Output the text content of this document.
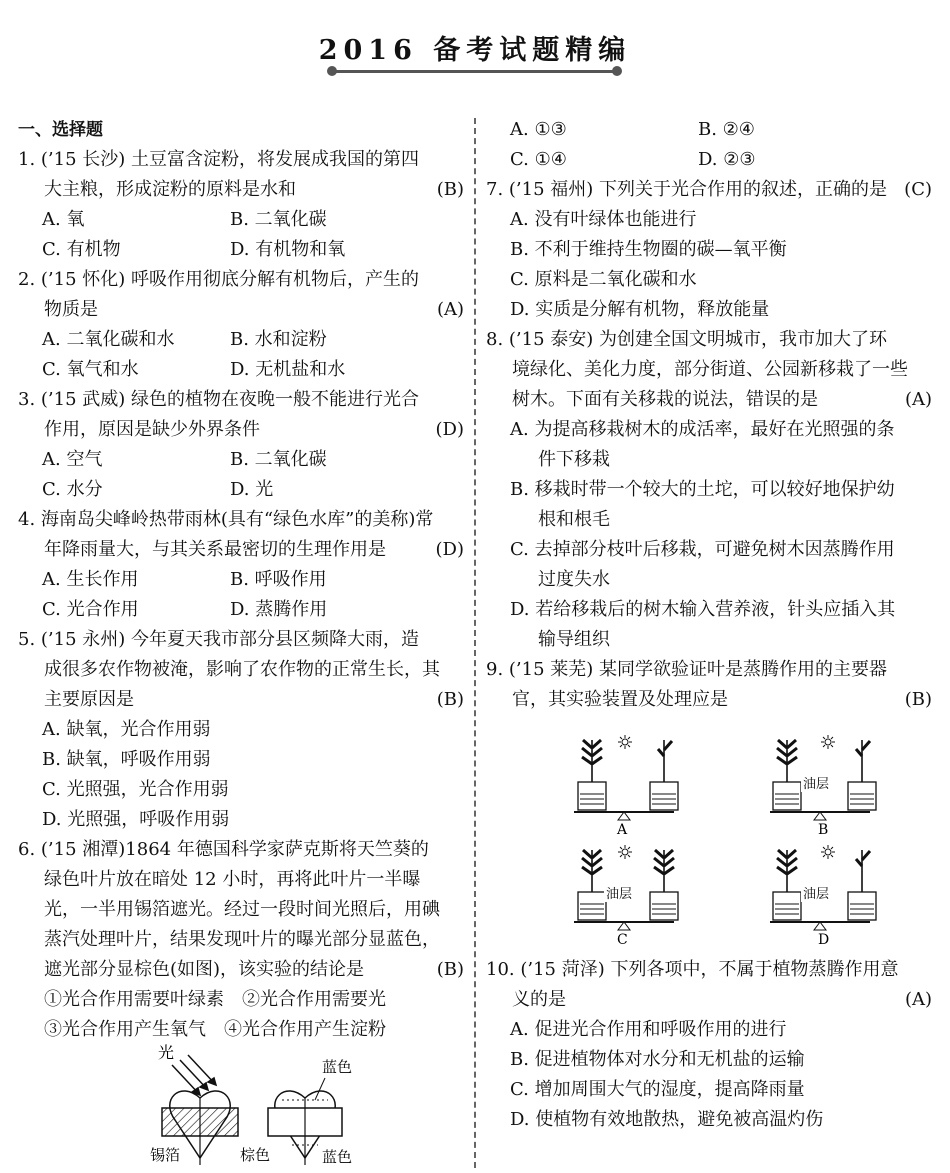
2016 备考试题精编
一、选择题
1. (’15 长沙) 土豆富含淀粉，将发展成我国的第四
大主粮，形成淀粉的原料是水和	(B)
A. 氧	B. 二氧化碳
C. 有机物	D. 有机物和氧
2. (’15 怀化) 呼吸作用彻底分解有机物后，产生的
物质是	(A)
A. 二氧化碳和水	B. 水和淀粉
C. 氧气和水	D. 无机盐和水
3. (’15 武威) 绿色的植物在夜晚一般不能进行光合
作用，原因是缺少外界条件	(D)
A. 空气	B. 二氧化碳
C. 水分	D. 光
4. 海南岛尖峰岭热带雨林(具有“绿色水库”的美称)常
年降雨量大，与其关系最密切的生理作用是	(D)
A. 生长作用	B. 呼吸作用
C. 光合作用	D. 蒸腾作用
5. (’15 永州) 今年夏天我市部分县区频降大雨，造
成很多农作物被淹，影响了农作物的正常生长，其
主要原因是	(B)
A. 缺氧，光合作用弱
B. 缺氧，呼吸作用弱
C. 光照强，光合作用弱
D. 光照强，呼吸作用弱
6. (’15 湘潭)1864 年德国科学家萨克斯将天竺葵的
绿色叶片放在暗处 12 小时，再将此叶片一半曝
光，一半用锡箔遮光。经过一段时间光照后，用碘
蒸汽处理叶片，结果发现叶片的曝光部分显蓝色，
遮光部分显棕色(如图)，该实验的结论是	(B)
①光合作用需要叶绿素　②光合作用需要光
③光合作用产生氧气　④光合作用产生淀粉
A. ①③	B. ②④
C. ①④	D. ②③
7. (’15 福州) 下列关于光合作用的叙述，正确的是 (C)
A. 没有叶绿体也能进行
B. 不利于维持生物圈的碳—氧平衡
C. 原料是二氧化碳和水
D. 实质是分解有机物，释放能量
8. (’15 泰安) 为创建全国文明城市，我市加大了环
境绿化、美化力度，部分街道、公园新移栽了一些
树木。下面有关移栽的说法，错误的是	(A)
A. 为提高移栽树木的成活率，最好在光照强的条
件下移栽
B. 移栽时带一个较大的土坨，可以较好地保护幼
根和根毛
C. 去掉部分枝叶后移栽，可避免树木因蒸腾作用
过度失水
D. 若给移栽后的树木输入营养液，针头应插入其
输导组织
9. (’15 莱芜) 某同学欲验证叶是蒸腾作用的主要器
官，其实验装置及处理应是	(B)
10. (’15 菏泽) 下列各项中，不属于植物蒸腾作用意
义的是	(A)
A. 促进光合作用和呼吸作用的进行
B. 促进植物体对水分和无机盐的运输
C. 增加周围大气的湿度，提高降雨量
D. 使植物有效地散热，避免被高温灼伤
光
锡箔
蓝色
棕色	蓝色
A
油层
B
油层
C
油层
D
